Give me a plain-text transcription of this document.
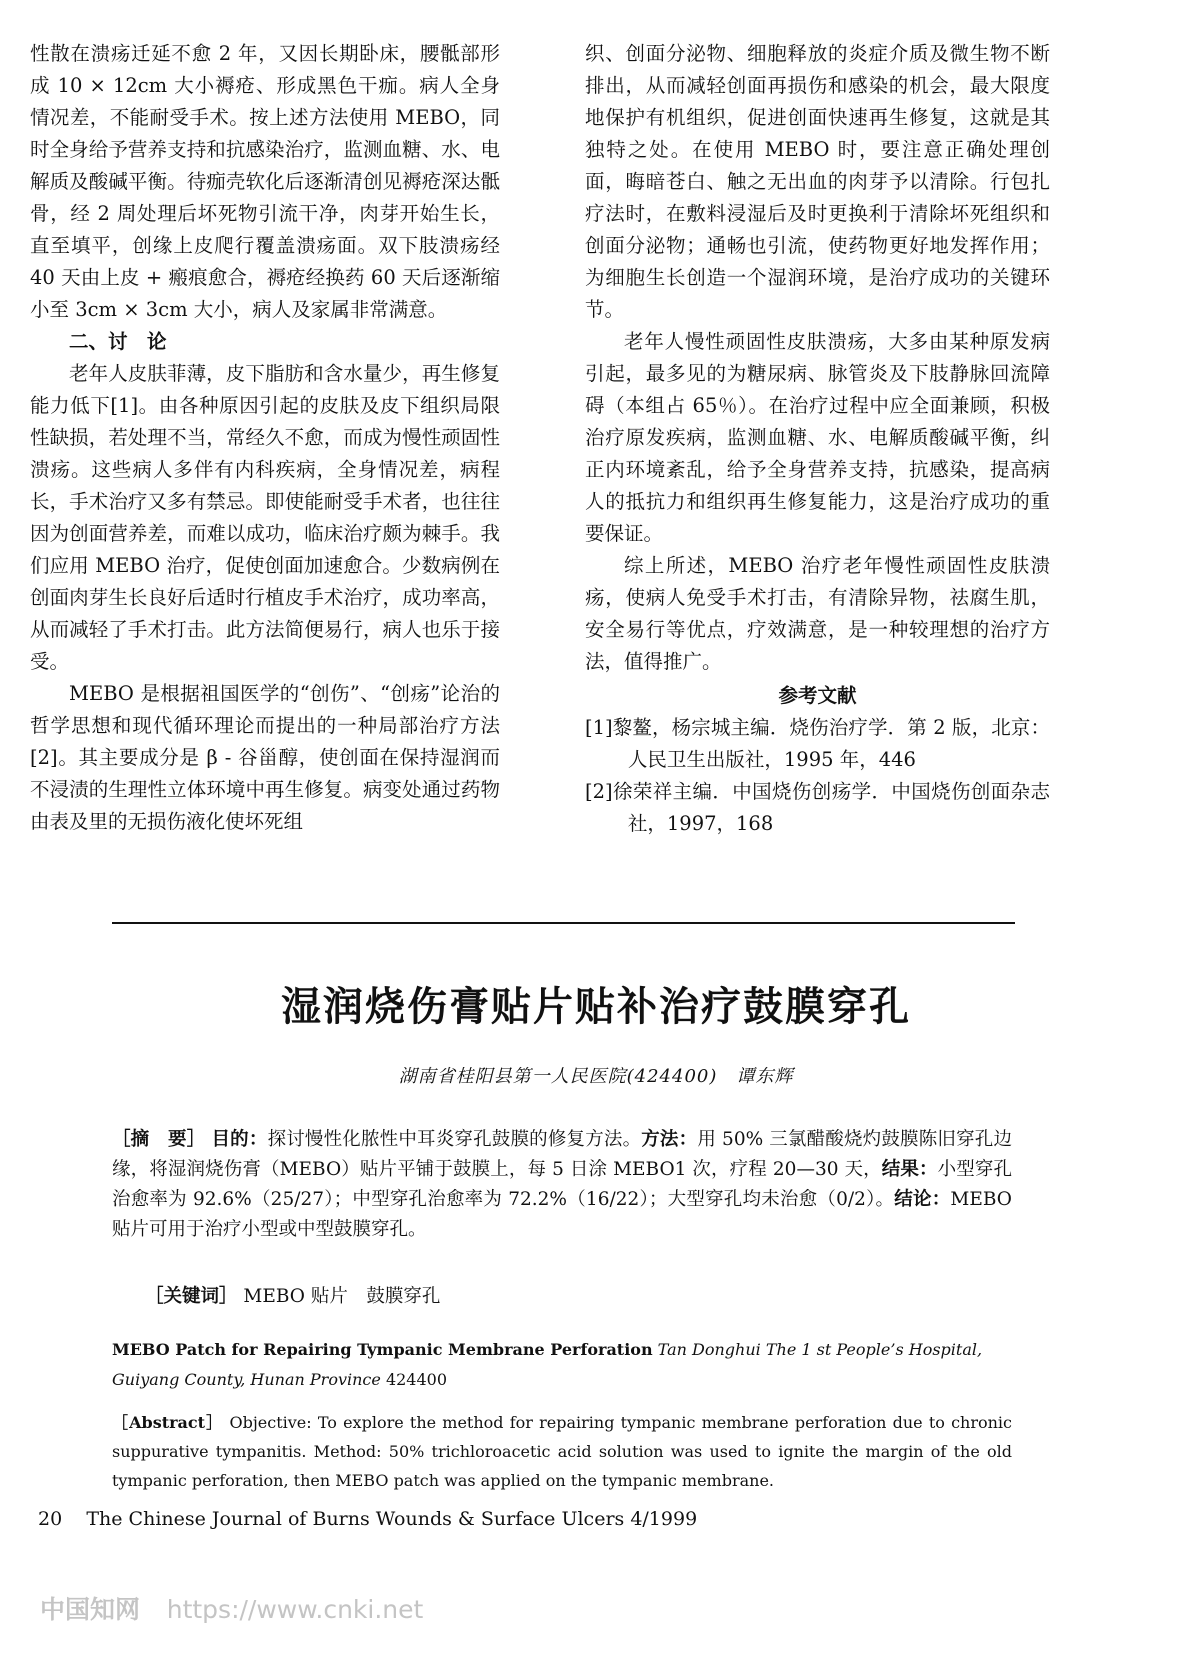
性散在溃疡迁延不愈 2 年，又因长期卧床，腰骶部形成 10 × 12cm 大小褥疮、形成黑色干痂。病人全身情况差，不能耐受手术。按上述方法使用 MEBO，同时全身给予营养支持和抗感染治疗，监测血糖、水、电解质及酸碱平衡。待痂壳软化后逐渐清创见褥疮深达骶骨，经 2 周处理后坏死物引流干净，肉芽开始生长，直至填平，创缘上皮爬行覆盖溃疡面。双下肢溃疡经 40 天由上皮 + 瘢痕愈合，褥疮经换药 60 天后逐渐缩小至 3cm × 3cm 大小，病人及家属非常满意。

二、讨　论

老年人皮肤菲薄，皮下脂肪和含水量少，再生修复能力低下[1]。由各种原因引起的皮肤及皮下组织局限性缺损，若处理不当，常经久不愈，而成为慢性顽固性溃疡。这些病人多伴有内科疾病，全身情况差，病程长，手术治疗又多有禁忌。即使能耐受手术者，也往往因为创面营养差，而难以成功，临床治疗颇为棘手。我们应用 MEBO 治疗，促使创面加速愈合。少数病例在创面肉芽生长良好后适时行植皮手术治疗，成功率高，从而减轻了手术打击。此方法简便易行，病人也乐于接受。

MEBO 是根据祖国医学的“创伤”、“创疡”论治的哲学思想和现代循环理论而提出的一种局部治疗方法[2]。其主要成分是 β - 谷甾醇，使创面在保持湿润而不浸渍的生理性立体环境中再生修复。病变处通过药物由表及里的无损伤液化使坏死组

织、创面分泌物、细胞释放的炎症介质及微生物不断排出，从而减轻创面再损伤和感染的机会，最大限度地保护有机组织，促进创面快速再生修复，这就是其独特之处。在使用 MEBO 时，要注意正确处理创面，晦暗苍白、触之无出血的肉芽予以清除。行包扎疗法时，在敷料浸湿后及时更换利于清除坏死组织和创面分泌物；通畅也引流，使药物更好地发挥作用；为细胞生长创造一个湿润环境，是治疗成功的关键环节。

老年人慢性顽固性皮肤溃疡，大多由某种原发病引起，最多见的为糖尿病、脉管炎及下肢静脉回流障碍（本组占 65％）。在治疗过程中应全面兼顾，积极治疗原发疾病，监测血糖、水、电解质酸碱平衡，纠正内环境紊乱，给予全身营养支持，抗感染，提高病人的抵抗力和组织再生修复能力，这是治疗成功的重要保证。

综上所述，MEBO 治疗老年慢性顽固性皮肤溃疡，使病人免受手术打击，有清除异物，祛腐生肌，安全易行等优点，疗效满意，是一种较理想的治疗方法，值得推广。

参考文献

[1]黎鳌，杨宗城主编．烧伤治疗学．第 2 版，北京：人民卫生出版社，1995 年，446

[2]徐荣祥主编．中国烧伤创疡学．中国烧伤创面杂志社，1997，168

湿润烧伤膏贴片贴补治疗鼓膜穿孔
湖南省桂阳县第一人民医院(424400)　谭东辉

［摘　要］ 目的：探讨慢性化脓性中耳炎穿孔鼓膜的修复方法。方法：用 50% 三氯醋酸烧灼鼓膜陈旧穿孔边缘，将湿润烧伤膏（MEBO）贴片平铺于鼓膜上，每 5 日涂 MEBO1 次，疗程 20—30 天，结果：小型穿孔治愈率为 92.6%（25/27）；中型穿孔治愈率为 72.2%（16/22）；大型穿孔均未治愈（0/2）。结论：MEBO 贴片可用于治疗小型或中型鼓膜穿孔。

［关键词］ MEBO 贴片　鼓膜穿孔
MEBO Patch for Repairing Tympanic Membrane Perforation Tan Donghui The 1 st People’s Hospital, Guiyang County, Hunan Province 424400
［Abstract］ Objective: To explore the method for repairing tympanic membrane perforation due to chronic suppurative tympanitis. Method: 50% trichloroacetic acid solution was used to ignite the margin of the old tympanic perforation, then MEBO patch was applied on the tympanic membrane.
20 The Chinese Journal of Burns Wounds & Surface Ulcers 4/1999
中国知网 https://www.cnki.net
